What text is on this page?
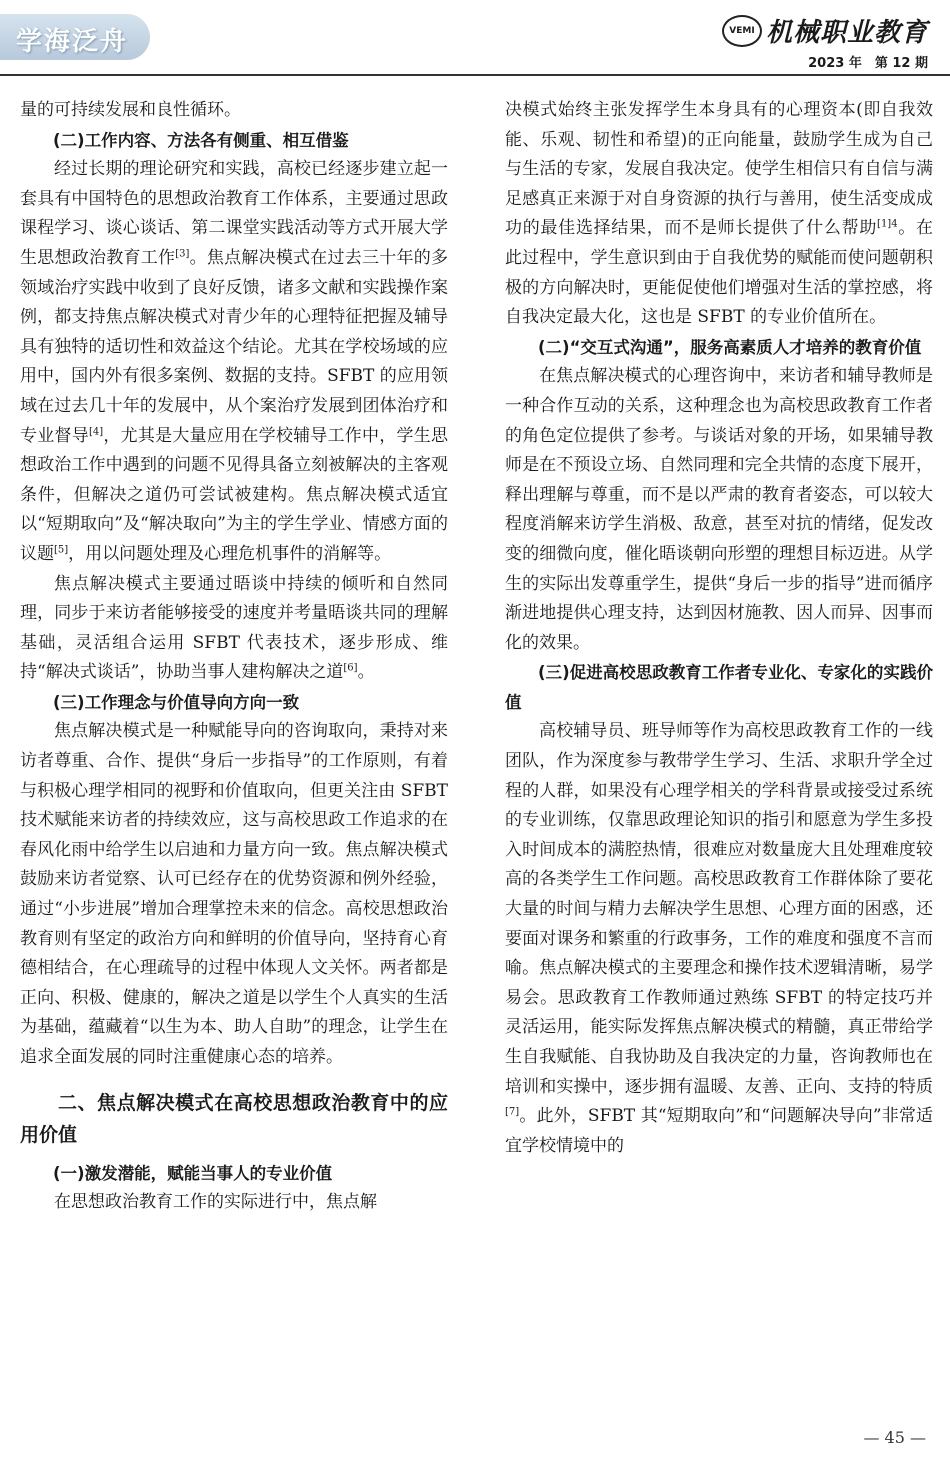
学海泛舟	VEMI 机械职业教育
2023 年　第 12 期

量的可持续发展和良性循环。

(二)工作内容、方法各有侧重、相互借鉴

经过长期的理论研究和实践，高校已经逐步建立起一套具有中国特色的思想政治教育工作体系，主要通过思政课程学习、谈心谈话、第二课堂实践活动等方式开展大学生思想政治教育工作[3]。焦点解决模式在过去三十年的多领域治疗实践中收到了良好反馈，诸多文献和实践操作案例，都支持焦点解决模式对青少年的心理特征把握及辅导具有独特的适切性和效益这个结论。尤其在学校场域的应用中，国内外有很多案例、数据的支持。SFBT 的应用领域在过去几十年的发展中，从个案治疗发展到团体治疗和专业督导[4]，尤其是大量应用在学校辅导工作中，学生思想政治工作中遇到的问题不见得具备立刻被解决的主客观条件，但解决之道仍可尝试被建构。焦点解决模式适宜以“短期取向”及“解决取向”为主的学生学业、情感方面的议题[5]，用以问题处理及心理危机事件的消解等。

焦点解决模式主要通过晤谈中持续的倾听和自然同理，同步于来访者能够接受的速度并考量晤谈共同的理解基础，灵活组合运用 SFBT 代表技术，逐步形成、维持“解决式谈话”，协助当事人建构解决之道[6]。

(三)工作理念与价值导向方向一致

焦点解决模式是一种赋能导向的咨询取向，秉持对来访者尊重、合作、提供“身后一步指导”的工作原则，有着与积极心理学相同的视野和价值取向，但更关注由 SFBT 技术赋能来访者的持续效应，这与高校思政工作追求的在春风化雨中给学生以启迪和力量方向一致。焦点解决模式鼓励来访者觉察、认可已经存在的优势资源和例外经验，通过“小步进展”增加合理掌控未来的信念。高校思想政治教育则有坚定的政治方向和鲜明的价值导向，坚持育心育德相结合，在心理疏导的过程中体现人文关怀。两者都是正向、积极、健康的，解决之道是以学生个人真实的生活为基础，蕴藏着“以生为本、助人自助”的理念，让学生在追求全面发展的同时注重健康心态的培养。

二、焦点解决模式在高校思想政治教育中的应用价值

(一)激发潜能，赋能当事人的专业价值

在思想政治教育工作的实际进行中，焦点解

决模式始终主张发挥学生本身具有的心理资本(即自我效能、乐观、韧性和希望)的正向能量，鼓励学生成为自己与生活的专家，发展自我决定。使学生相信只有自信与满足感真正来源于对自身资源的执行与善用，使生活变成成功的最佳选择结果，而不是师长提供了什么帮助$^{[1]4}$。在此过程中，学生意识到由于自我优势的赋能而使问题朝积极的方向解决时，更能促使他们增强对生活的掌控感，将自我决定最大化，这也是 SFBT 的专业价值所在。

(二)“交互式沟通”，服务高素质人才培养的教育价值

在焦点解决模式的心理咨询中，来访者和辅导教师是一种合作互动的关系，这种理念也为高校思政教育工作者的角色定位提供了参考。与谈话对象的开场，如果辅导教师是在不预设立场、自然同理和完全共情的态度下展开，释出理解与尊重，而不是以严肃的教育者姿态，可以较大程度消解来访学生消极、敌意，甚至对抗的情绪，促发改变的细微向度，催化晤谈朝向形塑的理想目标迈进。从学生的实际出发尊重学生，提供“身后一步的指导”进而循序渐进地提供心理支持，达到因材施教、因人而异、因事而化的效果。

(三)促进高校思政教育工作者专业化、专家化的实践价值

高校辅导员、班导师等作为高校思政教育工作的一线团队，作为深度参与教带学生学习、生活、求职升学全过程的人群，如果没有心理学相关的学科背景或接受过系统的专业训练，仅靠思政理论知识的指引和愿意为学生多投入时间成本的满腔热情，很难应对数量庞大且处理难度较高的各类学生工作问题。高校思政教育工作群体除了要花大量的时间与精力去解决学生思想、心理方面的困惑，还要面对课务和繁重的行政事务，工作的难度和强度不言而喻。焦点解决模式的主要理念和操作技术逻辑清晰，易学易会。思政教育工作教师通过熟练 SFBT 的特定技巧并灵活运用，能实际发挥焦点解决模式的精髓，真正带给学生自我赋能、自我协助及自我决定的力量，咨询教师也在培训和实操中，逐步拥有温暖、友善、正向、支持的特质[7]。此外，SFBT 其“短期取向”和“问题解决导向”非常适宜学校情境中的

— 45 —
